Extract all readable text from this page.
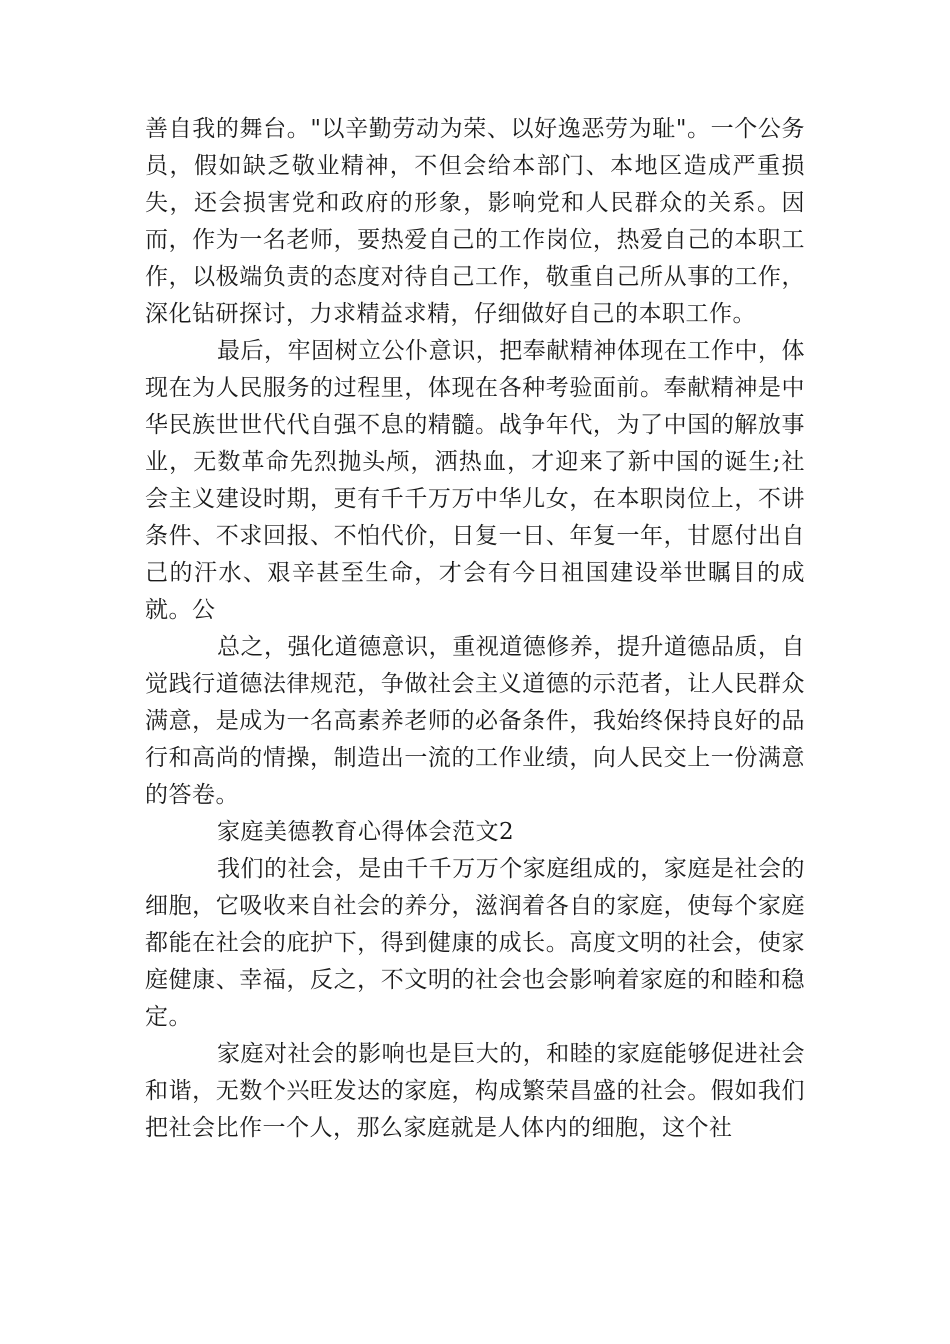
善自我的舞台。"以辛勤劳动为荣、以好逸恶劳为耻"。一个公务员，假如缺乏敬业精神，不但会给本部门、本地区造成严重损失，还会损害党和政府的形象，影响党和人民群众的关系。因而，作为一名老师，要热爱自己的工作岗位，热爱自己的本职工作，以极端负责的态度对待自己工作，敬重自己所从事的工作，深化钻研探讨，力求精益求精，仔细做好自己的本职工作。

最后，牢固树立公仆意识，把奉献精神体现在工作中，体现在为人民服务的过程里，体现在各种考验面前。奉献精神是中华民族世世代代自强不息的精髓。战争年代，为了中国的解放事业，无数革命先烈抛头颅，洒热血，才迎来了新中国的诞生;社会主义建设时期，更有千千万万中华儿女，在本职岗位上，不讲条件、不求回报、不怕代价，日复一日、年复一年，甘愿付出自己的汗水、艰辛甚至生命，才会有今日祖国建设举世瞩目的成就。公

总之，强化道德意识，重视道德修养，提升道德品质，自觉践行道德法律规范，争做社会主义道德的示范者，让人民群众满意，是成为一名高素养老师的必备条件，我始终保持良好的品行和高尚的情操，制造出一流的工作业绩，向人民交上一份满意的答卷。

家庭美德教育心得体会范文2

我们的社会，是由千千万万个家庭组成的，家庭是社会的细胞，它吸收来自社会的养分，滋润着各自的家庭，使每个家庭都能在社会的庇护下，得到健康的成长。高度文明的社会，使家庭健康、幸福，反之，不文明的社会也会影响着家庭的和睦和稳定。

家庭对社会的影响也是巨大的，和睦的家庭能够促进社会和谐，无数个兴旺发达的家庭，构成繁荣昌盛的社会。假如我们把社会比作一个人，那么家庭就是人体内的细胞，这个社
